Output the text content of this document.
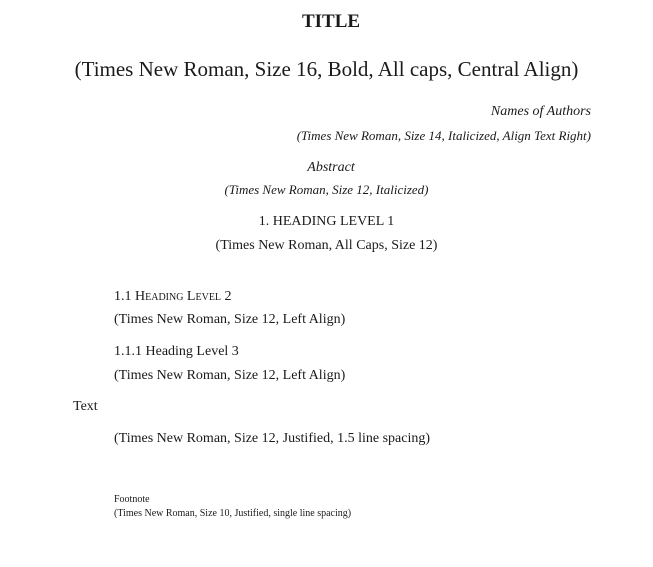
TITLE
(Times New Roman, Size 16, Bold, All caps, Central Align)
Names of Authors
(Times New Roman, Size 14, Italicized, Align Text Right)
Abstract
(Times New Roman, Size 12, Italicized)
1. HEADING LEVEL 1
(Times New Roman, All Caps, Size 12)
1.1 Heading Level 2
(Times New Roman, Size 12, Left Align)
1.1.1 Heading Level 3
(Times New Roman, Size 12, Left Align)
Text
(Times New Roman, Size 12, Justified, 1.5 line spacing)
Footnote
(Times New Roman, Size 10, Justified, single line spacing)
